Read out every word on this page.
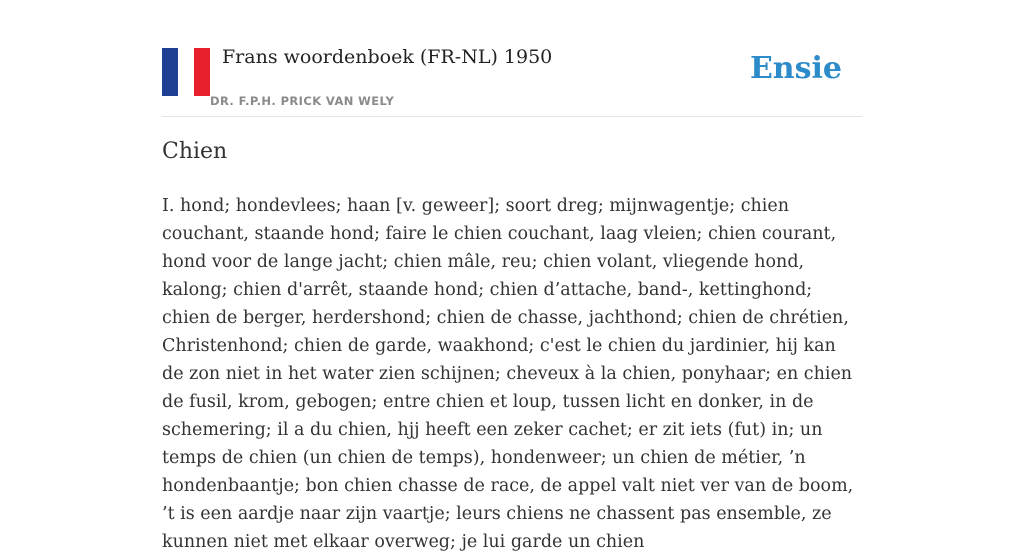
Frans woordenboek (FR-NL) 1950
DR. F.P.H. PRICK VAN WELY
Ensie
Chien

I. hond; hondevlees; haan [v. geweer]; soort dreg; mijnwagentje; chien couchant, staande hond; faire le chien couchant, laag vleien; chien courant, hond voor de lange jacht; chien mâle, reu; chien volant, vliegende hond, kalong; chien d'arrêt, staande hond; chien d’attache, band-, kettinghond; chien de berger, herdershond; chien de chasse, jachthond; chien de chrétien, Christenhond; chien de garde, waakhond; c'est le chien du jardinier, hij kan de zon niet in het water zien schijnen; cheveux à la chien, ponyhaar; en chien de fusil, krom, gebogen; entre chien et loup, tussen licht en donker, in de schemering; il a du chien, hjj heeft een zeker cachet; er zit iets (fut) in; un temps de chien (un chien de temps), hondenweer; un chien de métier, ’n hondenbaantje; bon chien chasse de race, de appel valt niet ver van de boom, ’t is een aardje naar zijn vaartje; leurs chiens ne chassent pas ensemble, ze kunnen niet met elkaar overweg; je lui garde un chien
